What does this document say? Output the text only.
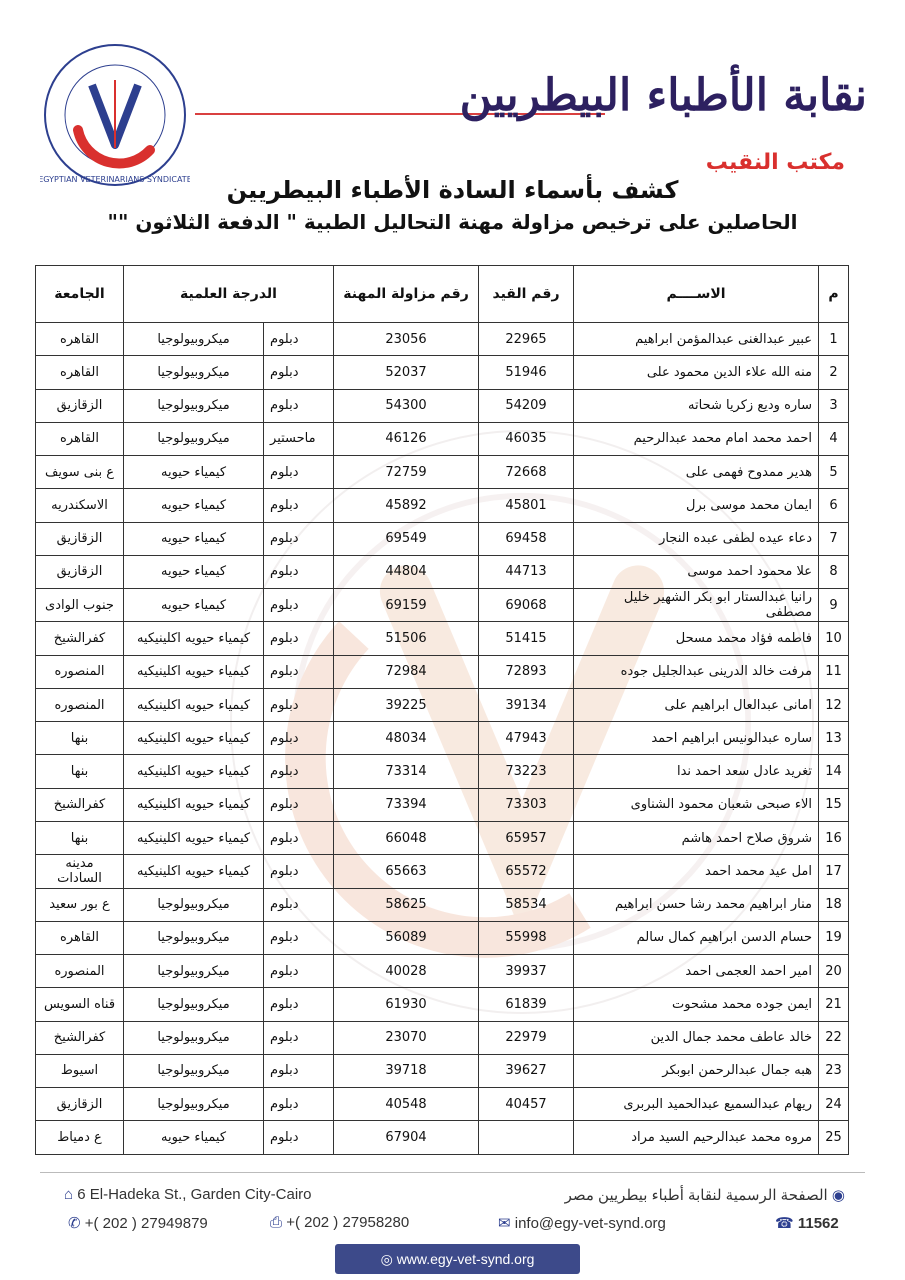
EGYPTIAN VETERINARIANS SYNDICATE
نقابة الأطباء البيطريين
مكتب النقيب
كشف بأسماء السادة الأطباء البيطريين
الحاصلين على ترخيص مزاولة مهنة التحاليل الطبية " الدفعة الثلاثون ""
م	الاســــم	رقم القيد	رقم مزاولة المهنة	الدرجة العلمية		الجامعة
1	عبير عبدالغنى عبدالمؤمن ابراهيم	22965	23056	دبلوم	ميكروبيولوجيا	القاهره
2	منه الله علاء الدين محمود على	51946	52037	دبلوم	ميكروبيولوجيا	القاهره
3	ساره وديع زكريا شحاته	54209	54300	دبلوم	ميكروبيولوجيا	الزقازيق
4	احمد محمد امام محمد عبدالرحيم	46035	46126	ماحستير	ميكروبيولوجيا	القاهره
5	هدير ممدوح فهمى على	72668	72759	دبلوم	كيمياء حيويه	ع بنى سويف
6	ايمان محمد موسى برل	45801	45892	دبلوم	كيمياء حيويه	الاسكندريه
7	دعاء عيده لطفى عبده النجار	69458	69549	دبلوم	كيمياء حيويه	الزقازيق
8	علا محمود احمد موسى	44713	44804	دبلوم	كيمياء حيويه	الزقازيق
9	رانيا عبدالستار ابو بكر الشهير خليل مصطفى	69068	69159	دبلوم	كيمياء حيويه	جنوب الوادى
10	فاطمه فؤاد محمد مسحل	51415	51506	دبلوم	كيمياء حيويه اكلينيكيه	كفرالشيخ
11	مرفت خالد الدرينى عبدالجليل جوده	72893	72984	دبلوم	كيمياء حيويه اكلينيكيه	المنصوره
12	امانى عبدالعال ابراهيم على	39134	39225	دبلوم	كيمياء حيويه اكلينيكيه	المنصوره
13	ساره عبدالونيس ابراهيم احمد	47943	48034	دبلوم	كيمياء حيويه اكلينيكيه	بنها
14	تغريد عادل سعد احمد ندا	73223	73314	دبلوم	كيمياء حيويه اكلينيكيه	بنها
15	الاء صبحى شعبان محمود الشناوى	73303	73394	دبلوم	كيمياء حيويه اكلينيكيه	كفرالشيخ
16	شروق صلاح احمد هاشم	65957	66048	دبلوم	كيمياء حيويه اكلينيكيه	بنها
17	امل عيد محمد احمد	65572	65663	دبلوم	كيمياء حيويه اكلينيكيه	مدينه السادات
18	منار ابراهيم محمد رشا حسن ابراهيم	58534	58625	دبلوم	ميكروبيولوجيا	ع بور سعيد
19	حسام الدسن ابراهيم كمال سالم	55998	56089	دبلوم	ميكروبيولوجيا	القاهره
20	امير احمد العجمى احمد	39937	40028	دبلوم	ميكروبيولوجيا	المنصوره
21	ايمن جوده محمد مشحوت	61839	61930	دبلوم	ميكروبيولوجيا	قناه السويس
22	خالد عاطف محمد جمال الدين	22979	23070	دبلوم	ميكروبيولوجيا	كفرالشيخ
23	هبه جمال عبدالرحمن ابوبكر	39627	39718	دبلوم	ميكروبيولوجيا	اسيوط
24	ريهام عبدالسميع عبدالحميد البربرى	40457	40548	دبلوم	ميكروبيولوجيا	الزقازيق
25	مروه محمد عبدالرحيم السيد مراد		67904	دبلوم	كيمياء حيويه	ع دمياط
⌂ 6 El-Hadeka St., Garden City-Cairo	◉ الصفحة الرسمية لنقابة أطباء بيطريين مصر
✆ +( 202 ) 27949879	⎙ +( 202 ) 27958280	✉ info@egy-vet-synd.org	☎ 11562
◎ www.egy-vet-synd.org
